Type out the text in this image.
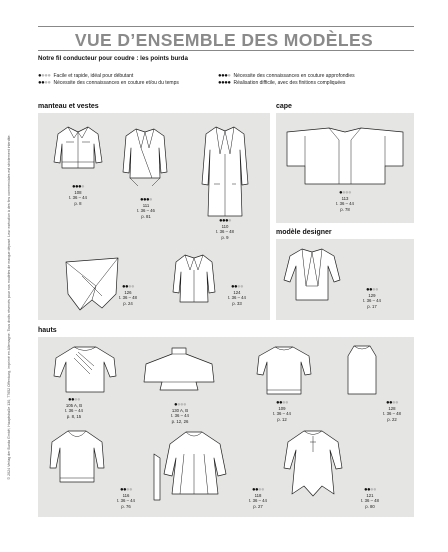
VUE D’ENSEMBLE DES MODÈLES
Notre fil conducteur pour coudre : les points burda
●●●● Facile et rapide, idéal pour débutant
●●●● Nécessite des connaissances en couture et/ou du temps
●●●● Nécessite des connaissances en couture approfondies
●●●● Réalisation difficile, avec des finitions compliquées
© 2024 Verlag der Burda GmbH, Hauptstraße 130, 77652 Offenburg, imprimé en Allemagne. Tous droits réservés pour nos modèles de marque déposé. Leur exécution à des fins commerciales est strictement interdite.
manteau et vestes	cape
modèle designer
hauts
●●●●
108
t. 36 – 44
p. 8
●●●●
111
t. 36 – 46
p. 81
●●●●
110
t. 36 – 48
p. 9
●●●●
113
t. 36 – 44
p. 78
●●●●
126
t. 36 – 48
p. 24
●●●●
124
t. 36 – 44
p. 33
●●●●
129
t. 36 – 44
p. 17
●●●●
105 A, B
t. 36 – 44
p. 8, 15
●●●●
130 A, B
t. 36 – 44
p. 12, 26
●●●●
109
t. 36 – 44
p. 12
●●●●
128
t. 36 – 48
p. 22
●●●●
116
t. 36 – 44
p. 76
●●●●
118
t. 36 – 44
p. 27
●●●●
121
t. 36 – 48
p. 80
